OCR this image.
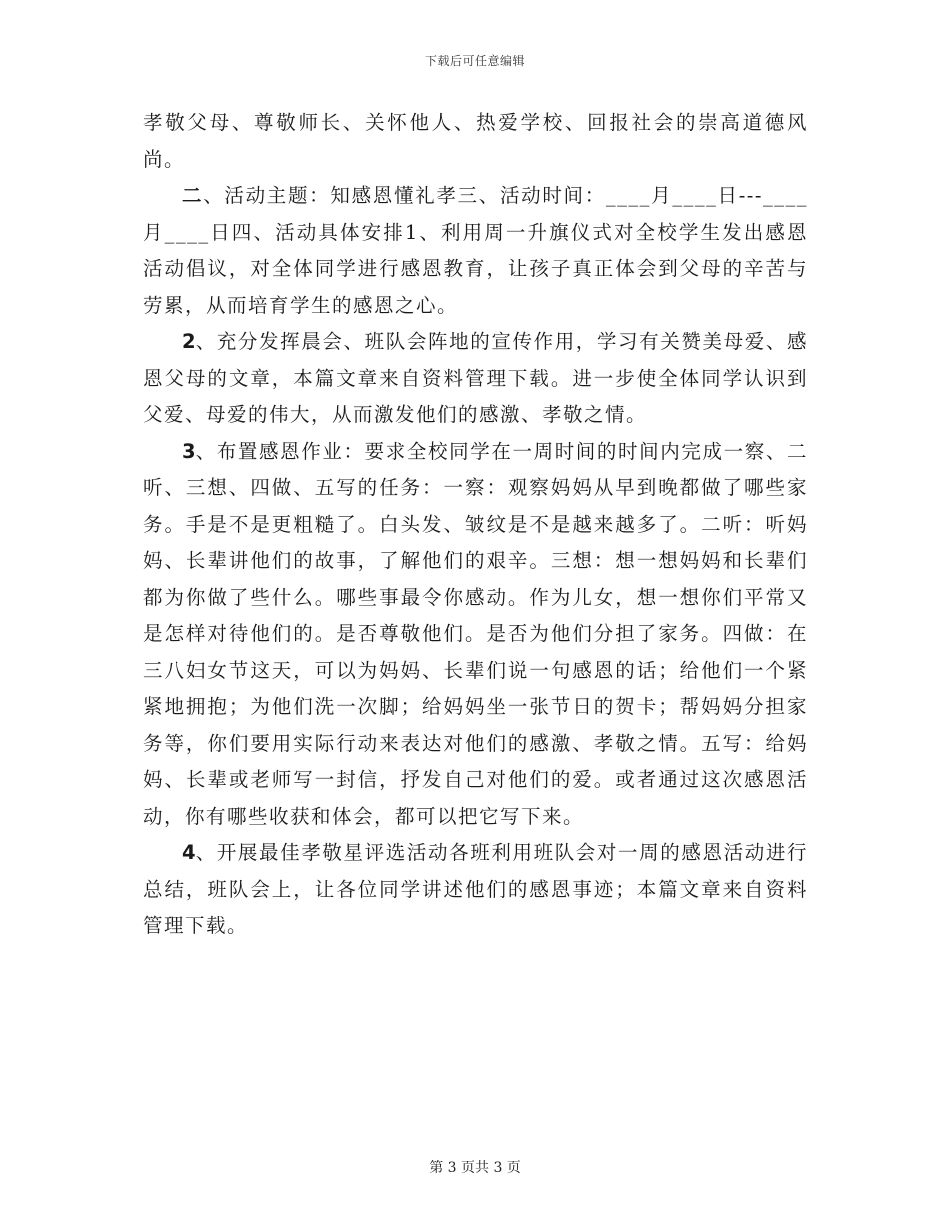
下载后可任意编辑

孝敬父母、尊敬师长、关怀他人、热爱学校、回报社会的崇高道德风尚。

二、活动主题：知感恩懂礼孝三、活动时间：____月____日---____月____日四、活动具体安排1、利用周一升旗仪式对全校学生发出感恩活动倡议，对全体同学进行感恩教育，让孩子真正体会到父母的辛苦与劳累，从而培育学生的感恩之心。

2、充分发挥晨会、班队会阵地的宣传作用，学习有关赞美母爱、感恩父母的文章，本篇文章来自资料管理下载。进一步使全体同学认识到父爱、母爱的伟大，从而激发他们的感激、孝敬之情。

3、布置感恩作业：要求全校同学在一周时间的时间内完成一察、二听、三想、四做、五写的任务：一察：观察妈妈从早到晚都做了哪些家务。手是不是更粗糙了。白头发、皱纹是不是越来越多了。二听：听妈妈、长辈讲他们的故事，了解他们的艰辛。三想：想一想妈妈和长辈们都为你做了些什么。哪些事最令你感动。作为儿女，想一想你们平常又是怎样对待他们的。是否尊敬他们。是否为他们分担了家务。四做：在三八妇女节这天，可以为妈妈、长辈们说一句感恩的话；给他们一个紧紧地拥抱；为他们洗一次脚；给妈妈坐一张节日的贺卡；帮妈妈分担家务等，你们要用实际行动来表达对他们的感激、孝敬之情。五写：给妈妈、长辈或老师写一封信，抒发自己对他们的爱。或者通过这次感恩活动，你有哪些收获和体会，都可以把它写下来。

4、开展最佳孝敬星评选活动各班利用班队会对一周的感恩活动进行总结，班队会上，让各位同学讲述他们的感恩事迹；本篇文章来自资料管理下载。

第 3 页共 3 页
